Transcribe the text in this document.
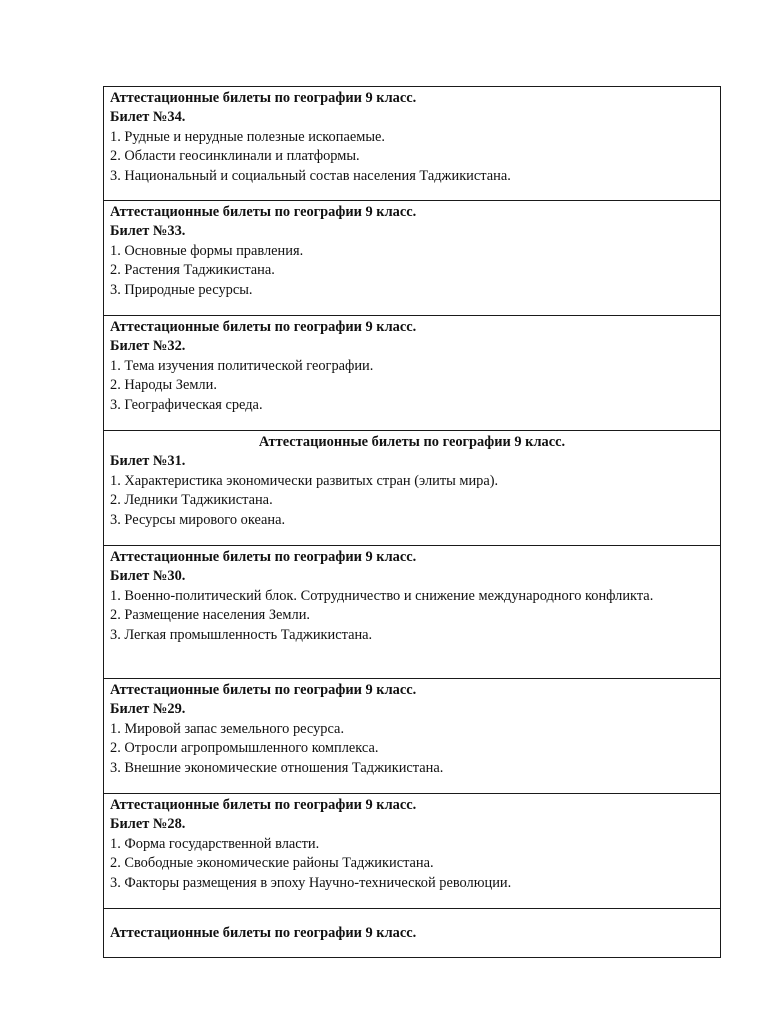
Аттестационные билеты по географии 9 класс.
Билет №34.
1. Рудные и нерудные полезные ископаемые.
2. Области геосинклинали и платформы.
3. Национальный и социальный состав населения Таджикистана.

Аттестационные билеты по географии 9 класс.
Билет №33.
1. Основные формы правления.
2. Растения Таджикистана.
3. Природные ресурсы.

Аттестационные билеты по географии 9 класс.
Билет №32.
1. Тема изучения политической географии.
2. Народы Земли.
3. Географическая среда.

Аттестационные билеты по географии 9 класс.
Билет №31.
1. Характеристика экономически развитых стран (элиты мира).
2. Ледники Таджикистана.
3. Ресурсы мирового океана.

Аттестационные билеты по географии 9 класс.
Билет №30.
1. Военно-политический блок. Сотрудничество и снижение международного конфликта.
2. Размещение населения Земли.
3. Легкая промышленность Таджикистана.

Аттестационные билеты по географии 9 класс.
Билет №29.
1. Мировой запас земельного ресурса.
2. Отросли агропромышленного комплекса.
3. Внешние экономические отношения Таджикистана.

Аттестационные билеты по географии 9 класс.
Билет №28.
1. Форма государственной власти.
2. Свободные экономические районы Таджикистана.
3. Факторы размещения в эпоху Научно-технической революции.

Аттестационные билеты по географии 9 класс.
